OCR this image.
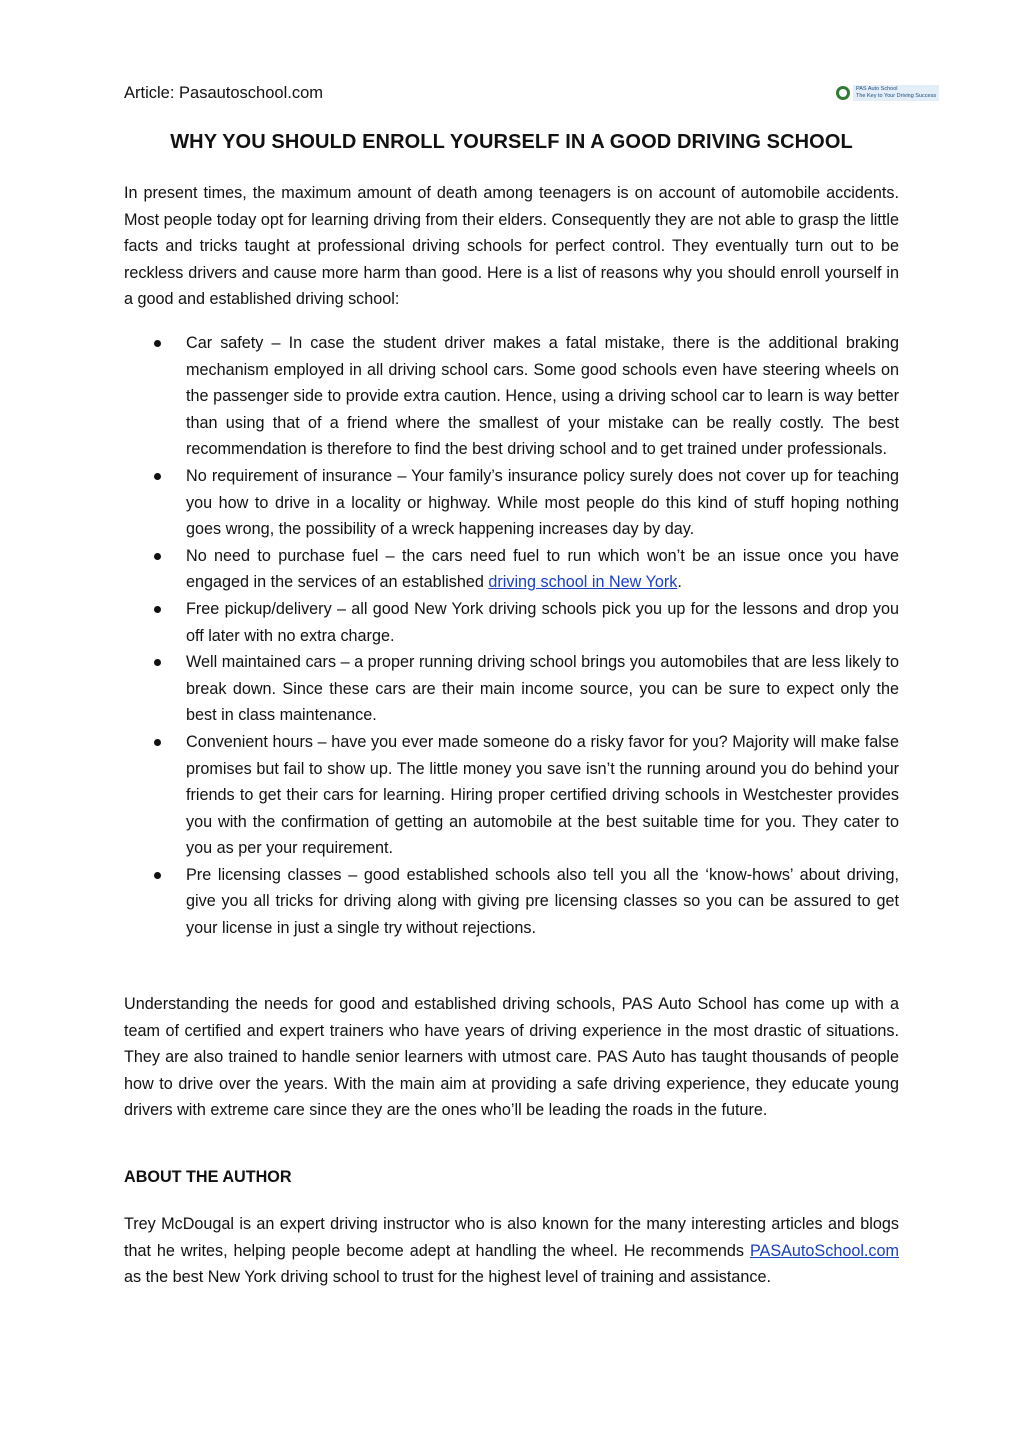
Article: Pasautoschool.com	PAS Auto School
The Key to Your Driving Success
WHY YOU SHOULD ENROLL YOURSELF IN A GOOD DRIVING SCHOOL

In present times, the maximum amount of death among teenagers is on account of automobile accidents. Most people today opt for learning driving from their elders. Consequently they are not able to grasp the little facts and tricks taught at professional driving schools for perfect control. They eventually turn out to be reckless drivers and cause more harm than good. Here is a list of reasons why you should enroll yourself in a good and established driving school:

Car safety – In case the student driver makes a fatal mistake, there is the additional braking mechanism employed in all driving school cars. Some good schools even have steering wheels on the passenger side to provide extra caution. Hence, using a driving school car to learn is way better than using that of a friend where the smallest of your mistake can be really costly. The best recommendation is therefore to find the best driving school and to get trained under professionals.
No requirement of insurance – Your family’s insurance policy surely does not cover up for teaching you how to drive in a locality or highway. While most people do this kind of stuff hoping nothing goes wrong, the possibility of a wreck happening increases day by day.
No need to purchase fuel – the cars need fuel to run which won’t be an issue once you have engaged in the services of an established driving school in New York.
Free pickup/delivery – all good New York driving schools pick you up for the lessons and drop you off later with no extra charge.
Well maintained cars – a proper running driving school brings you automobiles that are less likely to break down. Since these cars are their main income source, you can be sure to expect only the best in class maintenance.
Convenient hours – have you ever made someone do a risky favor for you? Majority will make false promises but fail to show up. The little money you save isn’t the running around you do behind your friends to get their cars for learning. Hiring proper certified driving schools in Westchester provides you with the confirmation of getting an automobile at the best suitable time for you. They cater to you as per your requirement.
Pre licensing classes – good established schools also tell you all the ‘know-hows’ about driving, give you all tricks for driving along with giving pre licensing classes so you can be assured to get your license in just a single try without rejections.

Understanding the needs for good and established driving schools, PAS Auto School has come up with a team of certified and expert trainers who have years of driving experience in the most drastic of situations. They are also trained to handle senior learners with utmost care. PAS Auto has taught thousands of people how to drive over the years. With the main aim at providing a safe driving experience, they educate young drivers with extreme care since they are the ones who’ll be leading the roads in the future.

ABOUT THE AUTHOR

Trey McDougal is an expert driving instructor who is also known for the many interesting articles and blogs that he writes, helping people become adept at handling the wheel. He recommends PASAutoSchool.com as the best New York driving school to trust for the highest level of training and assistance.
